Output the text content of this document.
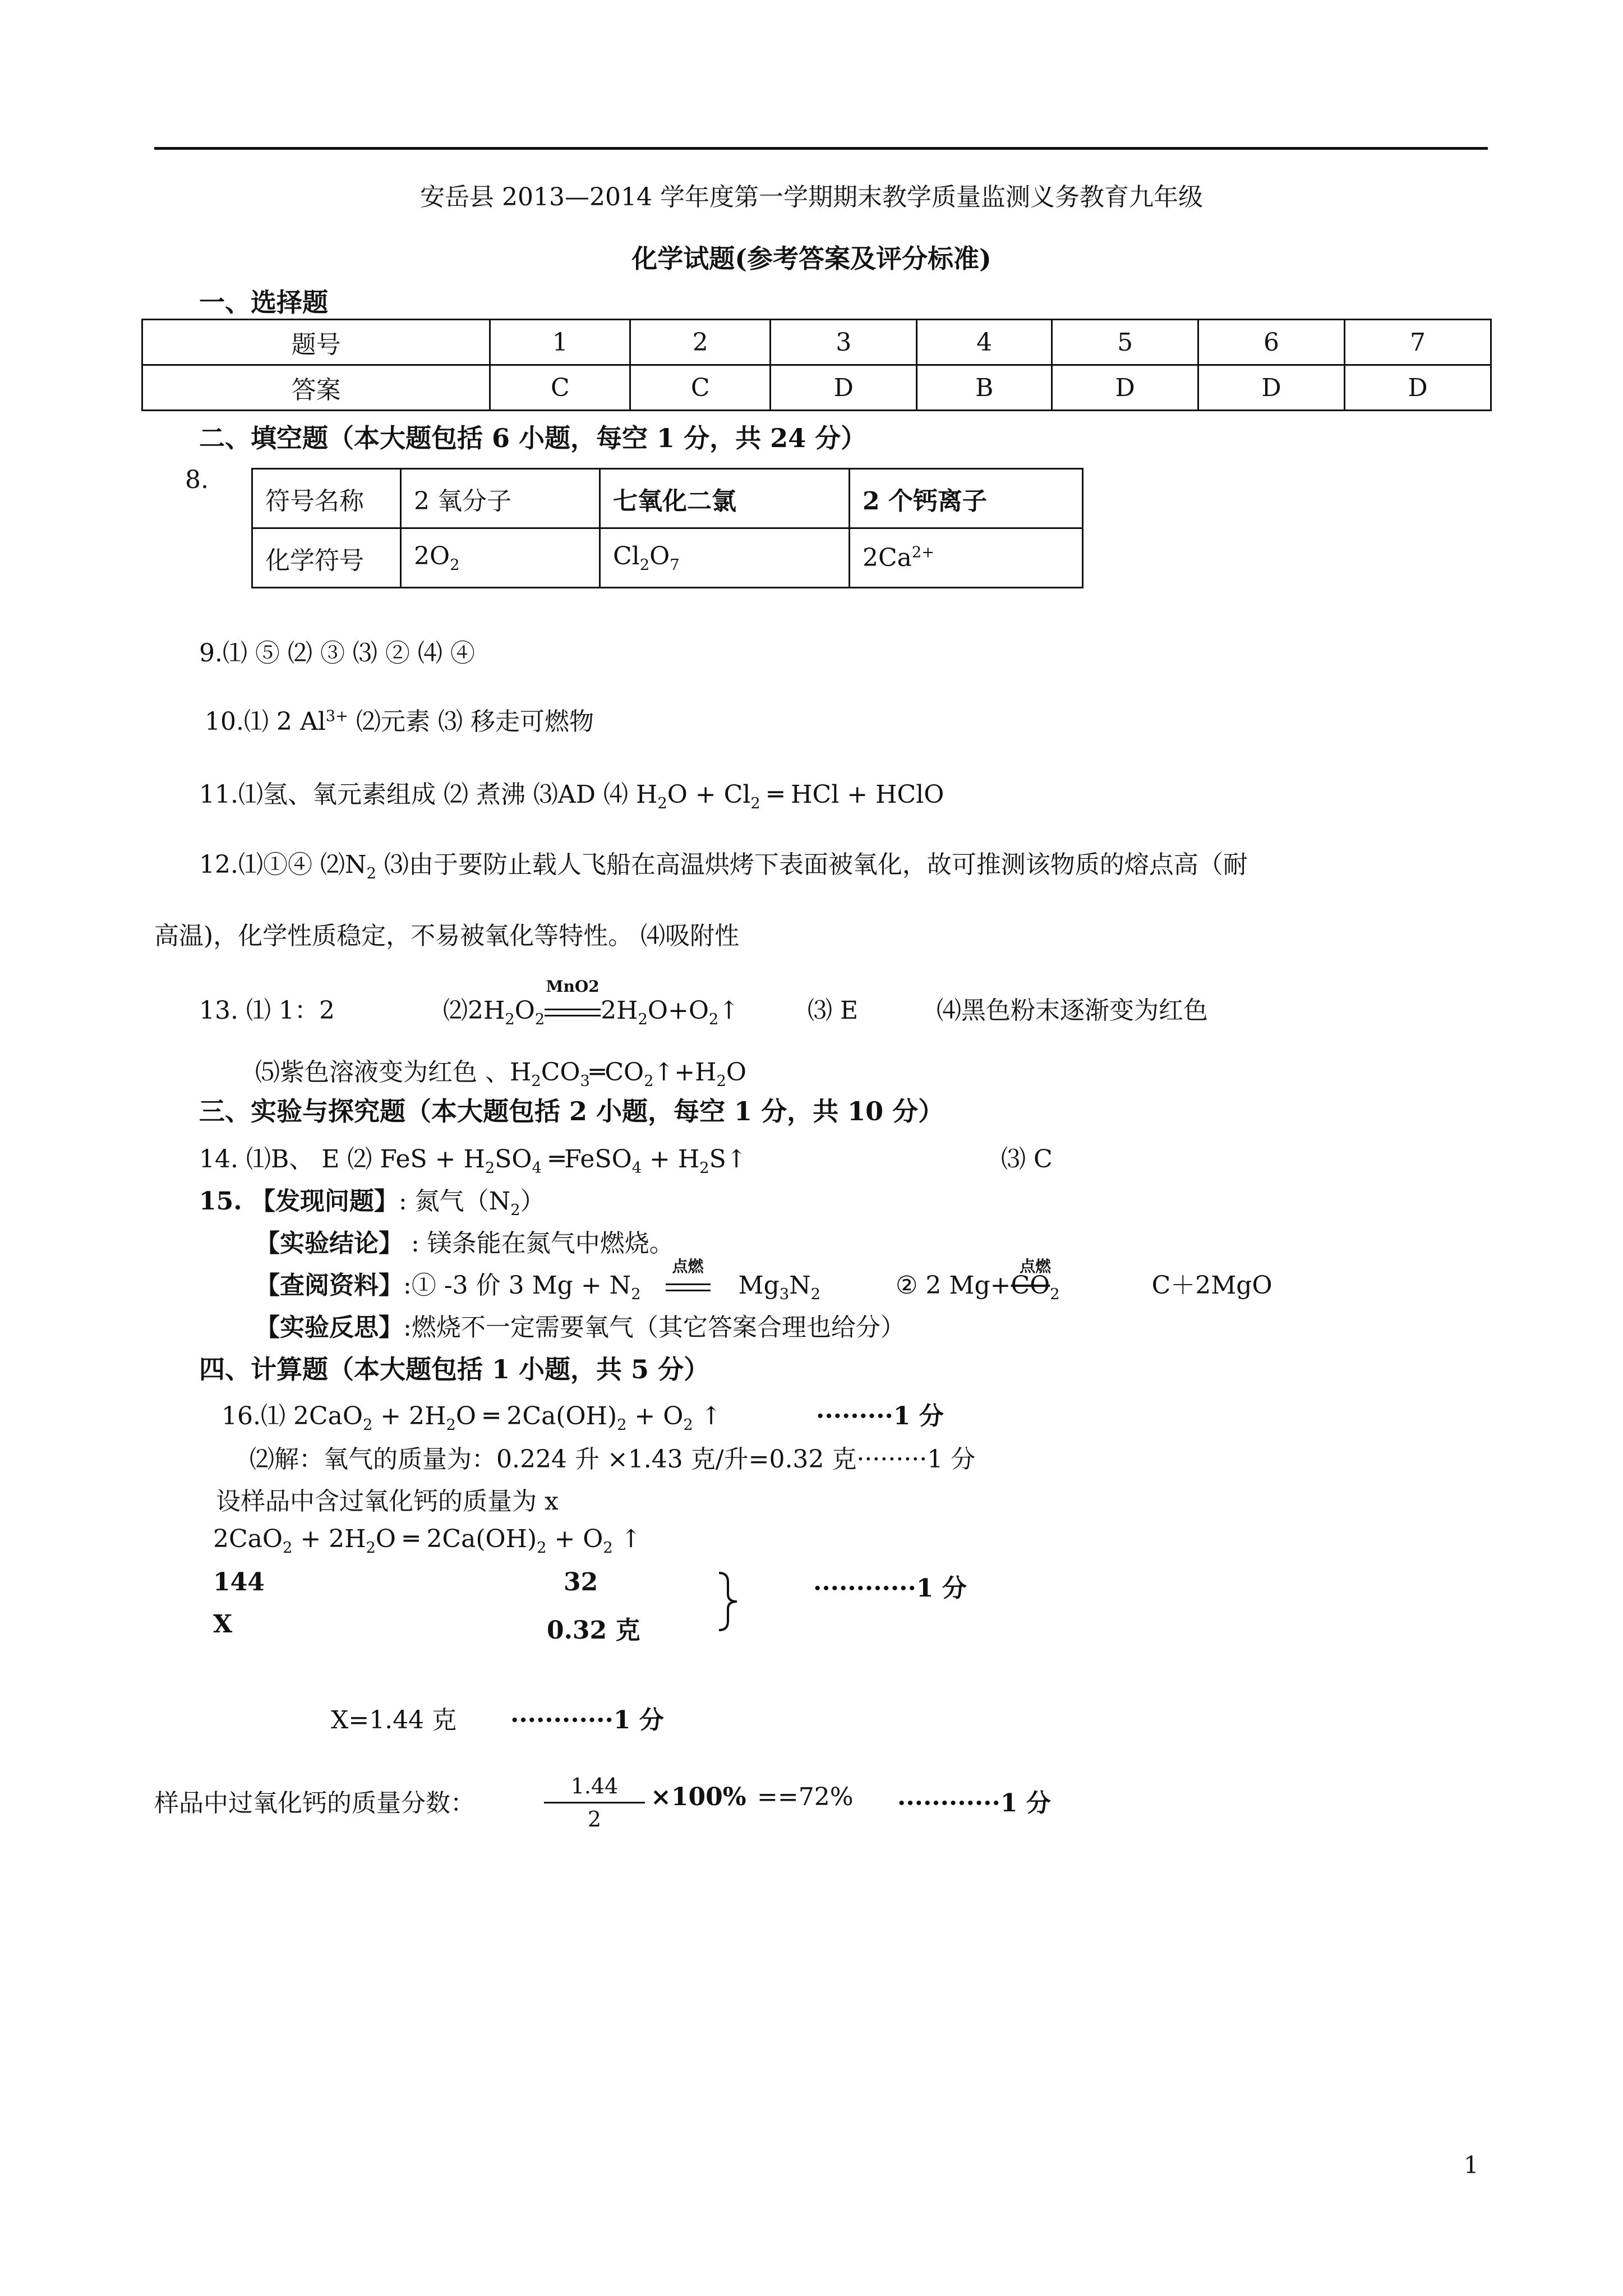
安岳县 2013—2014 学年度第一学期期末教学质量监测义务教育九年级
化学试题(参考答案及评分标准)
一、选择题
题号	1	2	3	4	5	6	7
答案	C	C	D	B	D	D	D
二、填空题（本大题包括 6 小题，每空 1 分，共 24 分）
8.
符号名称	2 氧分子	七氧化二氯	2 个钙离子
化学符号	$2O_2$	$Cl_2O_7$	$2Ca^{2+}$
9.⑴ ⑤ ⑵ ③ ⑶ ② ⑷ ④
10.⑴ 2 $Al^{3+}$ ⑵元素 ⑶ 移走可燃物
11.⑴氢、氧元素组成 ⑵ 煮沸 ⑶AD ⑷ $H_2O + Cl_2$ ═ HCl + HClO
12.⑴①④ $⑵N_2$ ⑶由于要防止载人飞船在高温烘烤下表面被氧化，故可推测该物质的熔点高（耐
高温)，化学性质稳定，不易被氧化等特性。 ⑷吸附性
13. ⑴ 1：2	$⑵2H_2O_2$
MnO2
$2H_2O+O_2↑$	⑶ E	⑷黑色粉末逐渐变为红色
⑸紫色溶液变为红色 、$H_2CO_3═CO_2↑+H_2O$
三、实验与探究题（本大题包括 2 小题，每空 1 分，共 10 分）
14. ⑴B、 E ⑵ FeS + $H_2SO_4$ ═FeSO$_4$ + $H_2S↑$	⑶ C
15. 【发现问题】: 氮气$(N_2)$
【实验结论】 : 镁条能在氮气中燃烧。
【查阅资料】:① -3 价 3 $Mg + N_2$
点燃
$Mg_3N_2$	② 2 Mg+
点燃
$CO_2$	C＋2MgO
【实验反思】:燃烧不一定需要氧气（其它答案合理也给分）
四、计算题（本大题包括 1 小题，共 5 分）
16.⑴ $2CaO_2 + 2H_2O$ ═ $2Ca(OH)_2 + O_2$ ↑	·········1 分
⑵解：氧气的质量为：0.224 升 ×1.43 克/升=0.32 克·········1 分
设样品中含过氧化钙的质量为 x
$2CaO_2 + 2H_2O$ ═ $2Ca(OH)_2 + O_2$ ↑
144	32	············1 分
X	0.32 克
X=1.44 克 ············1 分
样品中过氧化钙的质量分数：
1.44
2
×100% ==72% ············1 分
1
